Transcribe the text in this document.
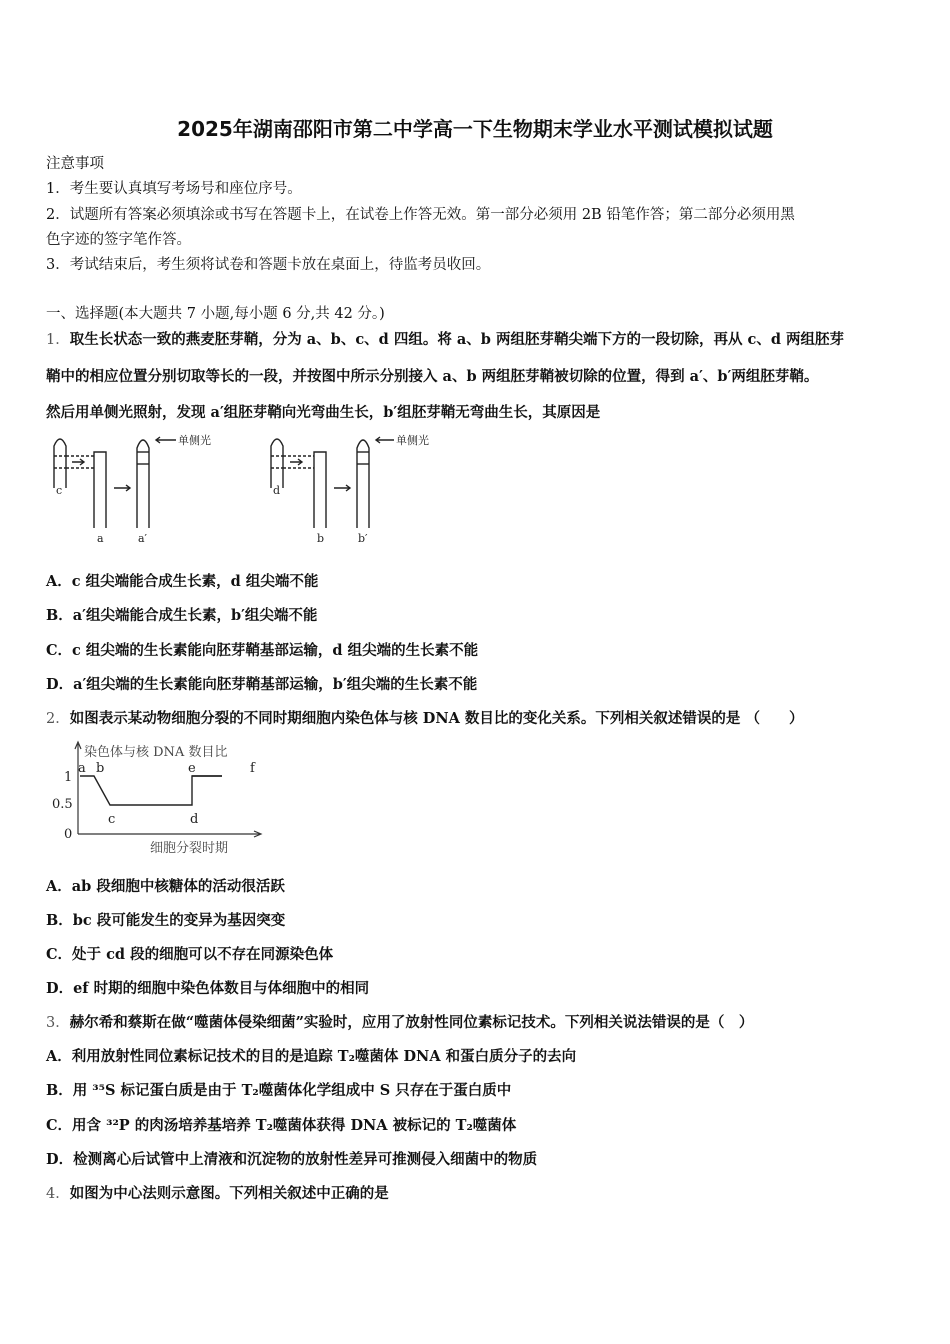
2025年湖南邵阳市第二中学高一下生物期末学业水平测试模拟试题
注意事项
1．考生要认真填写考场号和座位序号。
2．试题所有答案必须填涂或书写在答题卡上，在试卷上作答无效。第一部分必须用 2B 铅笔作答；第二部分必须用黑
色字迹的签字笔作答。
3．考试结束后，考生须将试卷和答题卡放在桌面上，待监考员收回。
一、选择题(本大题共 7 小题,每小题 6 分,共 42 分。)
1．取生长状态一致的燕麦胚芽鞘，分为 a、b、c、d 四组。将 a、b 两组胚芽鞘尖端下方的一段切除，再从 c、d 两组胚芽
鞘中的相应位置分别切取等长的一段，并按图中所示分别接入 a、b 两组胚芽鞘被切除的位置，得到 a′、b′两组胚芽鞘。
然后用单侧光照射，发现 a′组胚芽鞘向光弯曲生长，b′组胚芽鞘无弯曲生长，其原因是
c
a	a′
单侧光
d
b	b′
单侧光
A．c 组尖端能合成生长素，d 组尖端不能
B．a′组尖端能合成生长素，b′组尖端不能
C．c 组尖端的生长素能向胚芽鞘基部运输，d 组尖端的生长素不能
D．a′组尖端的生长素能向胚芽鞘基部运输，b′组尖端的生长素不能
2．如图表示某动物细胞分裂的不同时期细胞内染色体与核 DNA 数目比的变化关系。下列相关叙述错误的是 （　　）
染色体与核 DNA 数目比
细胞分裂时期
1
0.5
0
a b
c	d
e	f
A．ab 段细胞中核糖体的活动很活跃
B．bc 段可能发生的变异为基因突变
C．处于 cd 段的细胞可以不存在同源染色体
D．ef 时期的细胞中染色体数目与体细胞中的相同
3．赫尔希和蔡斯在做“噬菌体侵染细菌”实验时，应用了放射性同位素标记技术。下列相关说法错误的是（　）
A．利用放射性同位素标记技术的目的是追踪 T₂噬菌体 DNA 和蛋白质分子的去向
B．用 ³⁵S 标记蛋白质是由于 T₂噬菌体化学组成中 S 只存在于蛋白质中
C．用含 ³²P 的肉汤培养基培养 T₂噬菌体获得 DNA 被标记的 T₂噬菌体
D．检测离心后试管中上清液和沉淀物的放射性差异可推测侵入细菌中的物质
4．如图为中心法则示意图。下列相关叙述中正确的是
